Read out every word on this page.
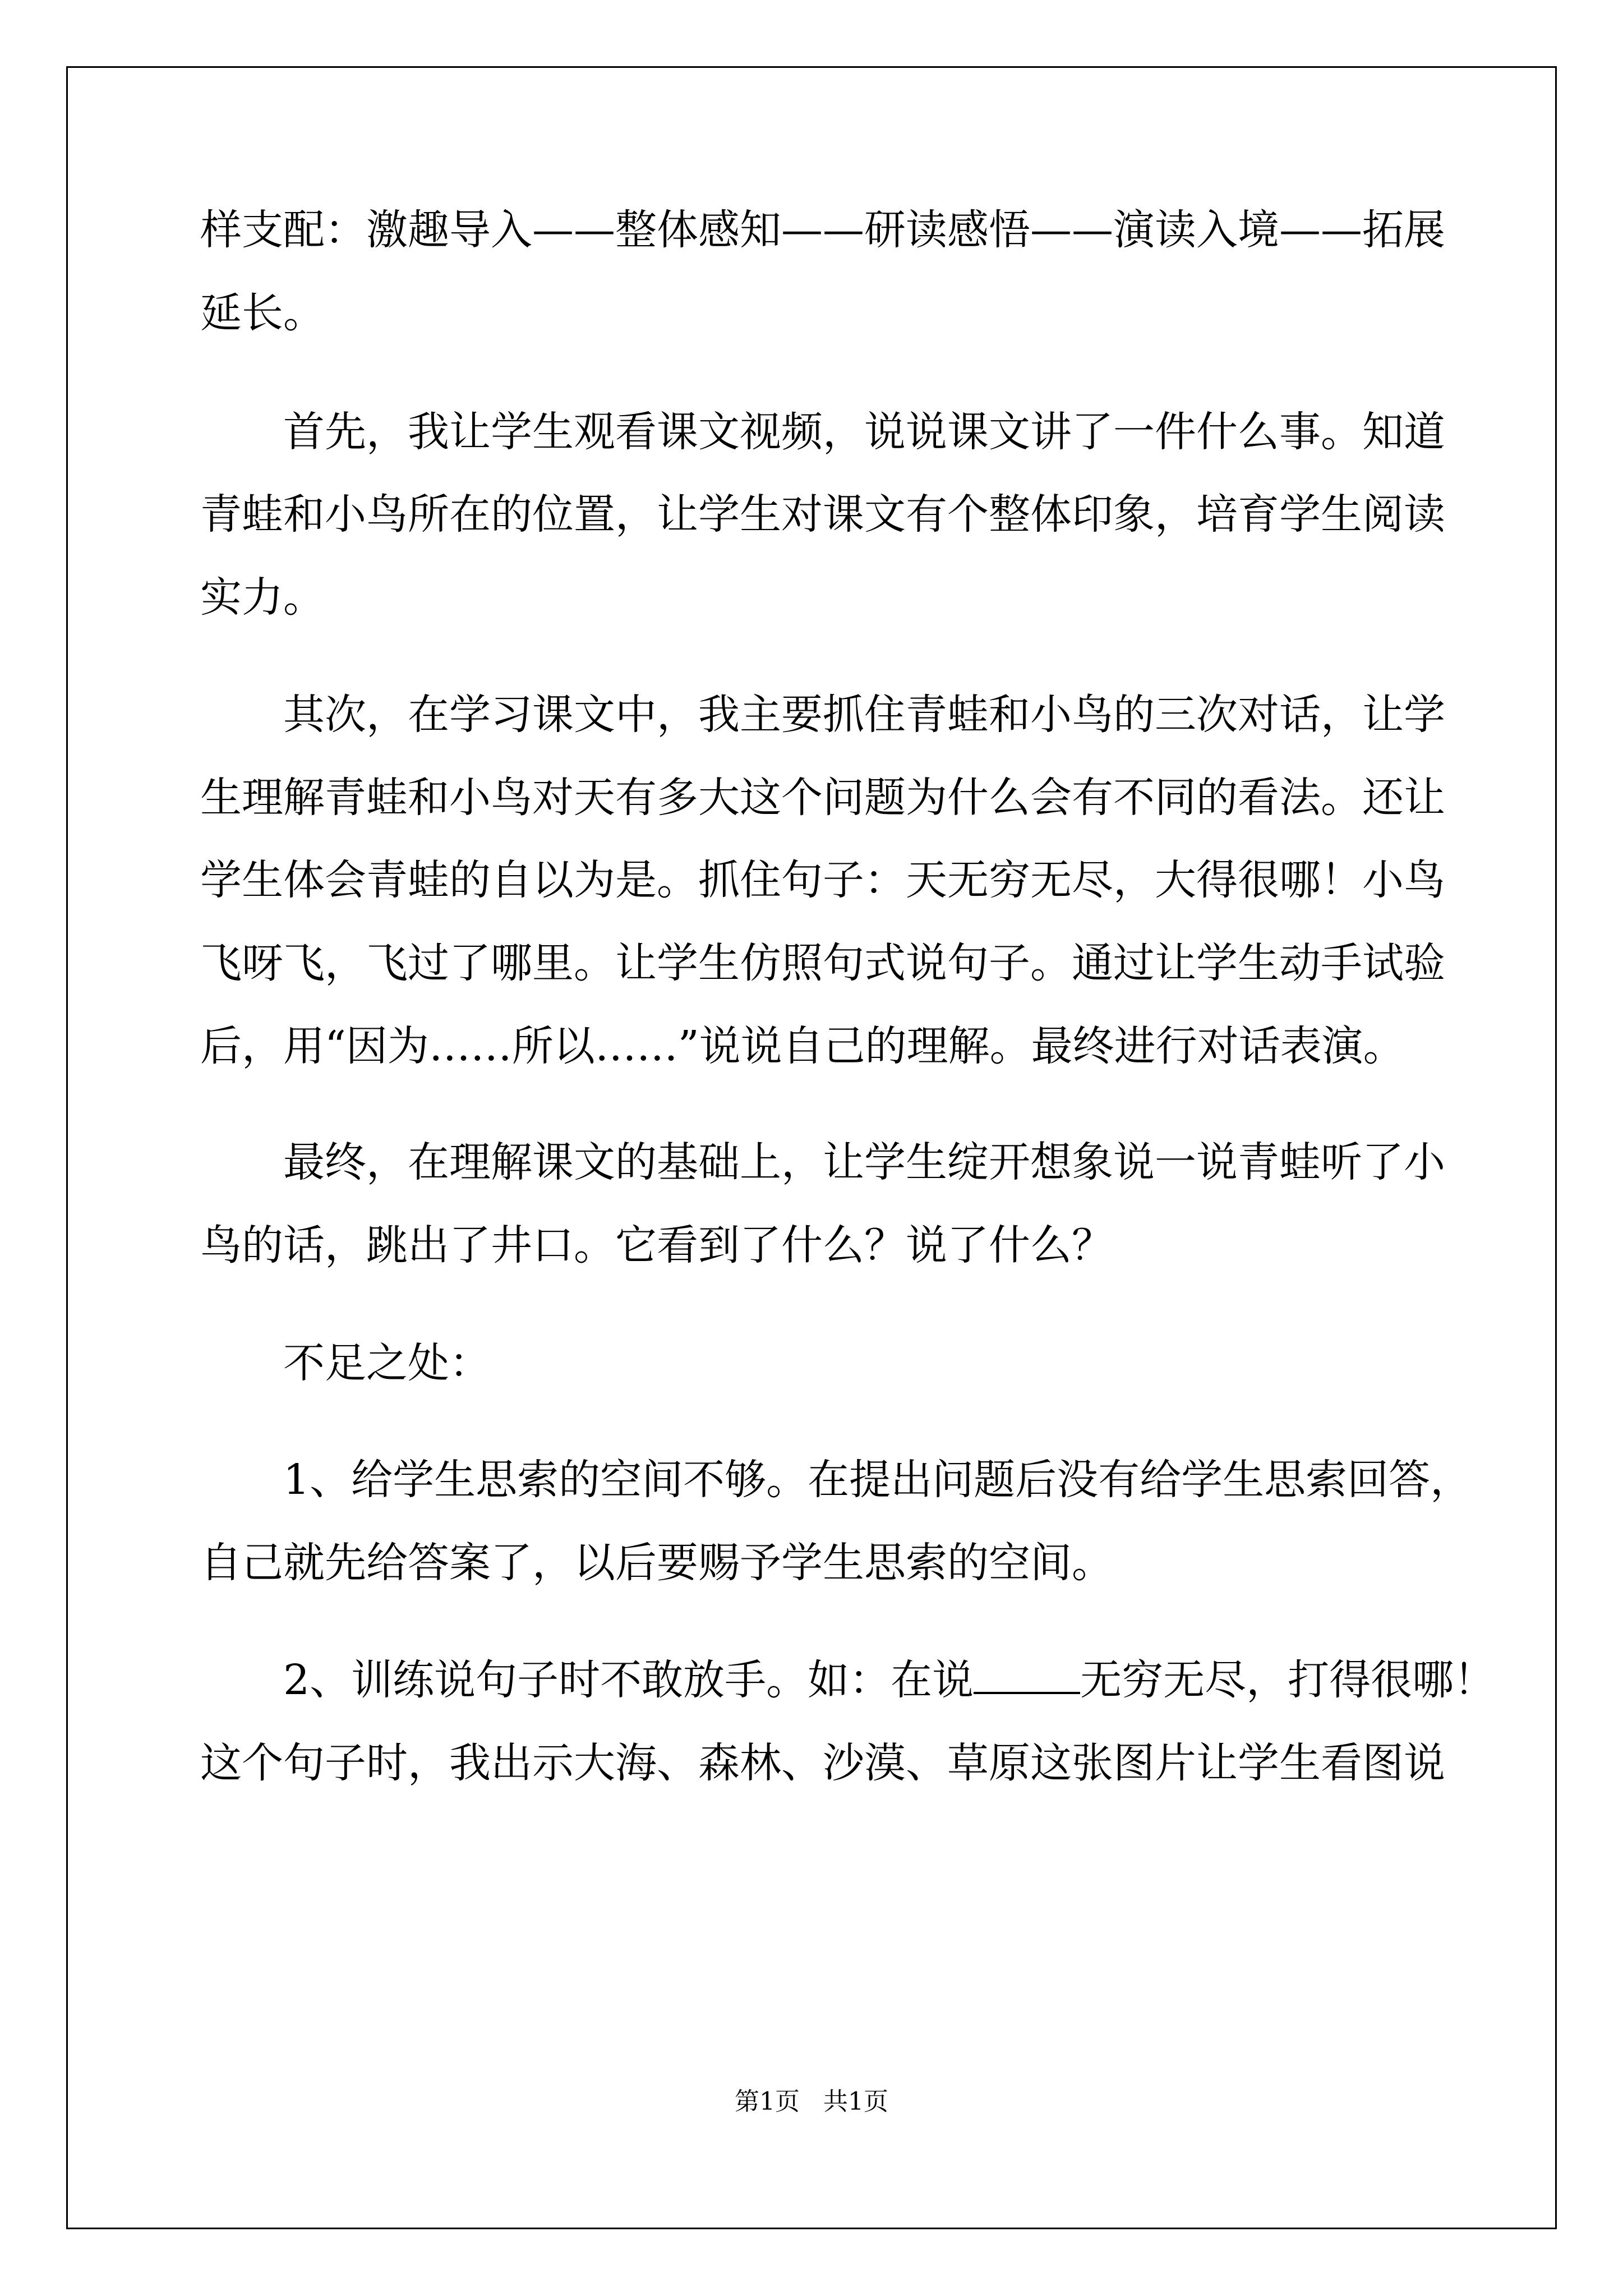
样支配：激趣导入——整体感知——研读感悟——演读入境——拓展
延长。
首先，我让学生观看课文视频，说说课文讲了一件什么事。知道
青蛙和小鸟所在的位置，让学生对课文有个整体印象，培育学生阅读
实力。
其次，在学习课文中，我主要抓住青蛙和小鸟的三次对话，让学
生理解青蛙和小鸟对天有多大这个问题为什么会有不同的看法。还让
学生体会青蛙的自以为是。抓住句子：天无穷无尽，大得很哪！小鸟
飞呀飞，飞过了哪里。让学生仿照句式说句子。通过让学生动手试验
后，用“因为……所以……”说说自己的理解。最终进行对话表演。
最终，在理解课文的基础上，让学生绽开想象说一说青蛙听了小
鸟的话，跳出了井口。它看到了什么？说了什么？
不足之处：
1、给学生思索的空间不够。在提出问题后没有给学生思索回答，
自己就先给答案了，以后要赐予学生思索的空间。
2、训练说句子时不敢放手。如：在说	无穷无尽，打得很哪！
这个句子时，我出示大海、森林、沙漠、草原这张图片让学生看图说
第1页   共1页
